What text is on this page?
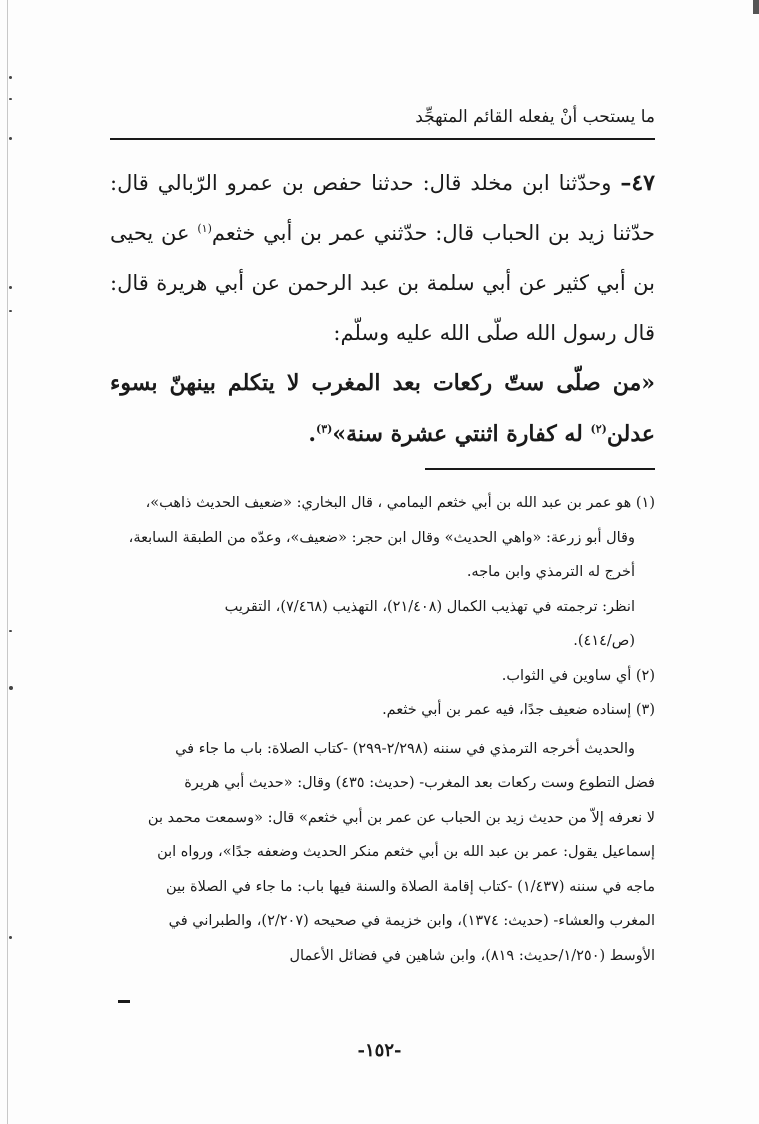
ما يستحب أنْ يفعله القائم المتهجِّد

٤٧– وحدّثنا ابن مخلد قال: حدثنا حفص بن عمرو الرّبالي قال: حدّثنا زيد بن الحباب قال: حدّثني عمر بن أبي خثعم$^{(١)}$ عن يحيى بن أبي كثير عن أبي سلمة بن عبد الرحمن عن أبي هريرة قال: قال رسول الله صلّى الله عليه وسلّم:

«من صلّى ستّ ركعات بعد المغرب لا يتكلم بينهنّ بسوء عدلن$^{(٢)}$ له كفارة اثنتي عشرة سنة»$^{(٣)}$.

(١) هو عمر بن عبد الله بن أبي خثعم اليمامي ، قال البخاري: «ضعيف الحديث ذاهب»،

وقال أبو زرعة: «واهي الحديث» وقال ابن حجر: «ضعيف»، وعدّه من الطبقة السابعة،

أخرج له الترمذي وابن ماجه.

انظر: ترجمته في تهذيب الكمال (٢١/٤٠٨)، التهذيب (٧/٤٦٨)، التقريب

(ص/٤١٤).

(٢) أي ساوين في الثواب.

(٣) إسناده ضعيف جدًا، فيه عمر بن أبي خثعم.

والحديث أخرجه الترمذي في سننه (٢/٢٩٨-٢٩٩) -كتاب الصلاة: باب ما جاء في

فضل التطوع وست ركعات بعد المغرب- (حديث: ٤٣٥) وقال: «حديث أبي هريرة

لا نعرفه إلاّ من حديث زيد بن الحباب عن عمر بن أبي خثعم» قال: «وسمعت محمد بن

إسماعيل يقول: عمر بن عبد الله بن أبي خثعم منكر الحديث وضعفه جدًا»، ورواه ابن

ماجه في سننه (١/٤٣٧) -كتاب إقامة الصلاة والسنة فيها باب: ما جاء في الصلاة بين

المغرب والعشاء- (حديث: ١٣٧٤)، وابن خزيمة في صحيحه (٢/٢٠٧)، والطبراني في

الأوسط (١/٢٥٠/حديث: ٨١٩)، وابن شاهين في فضائل الأعمال

-١٥٢-
